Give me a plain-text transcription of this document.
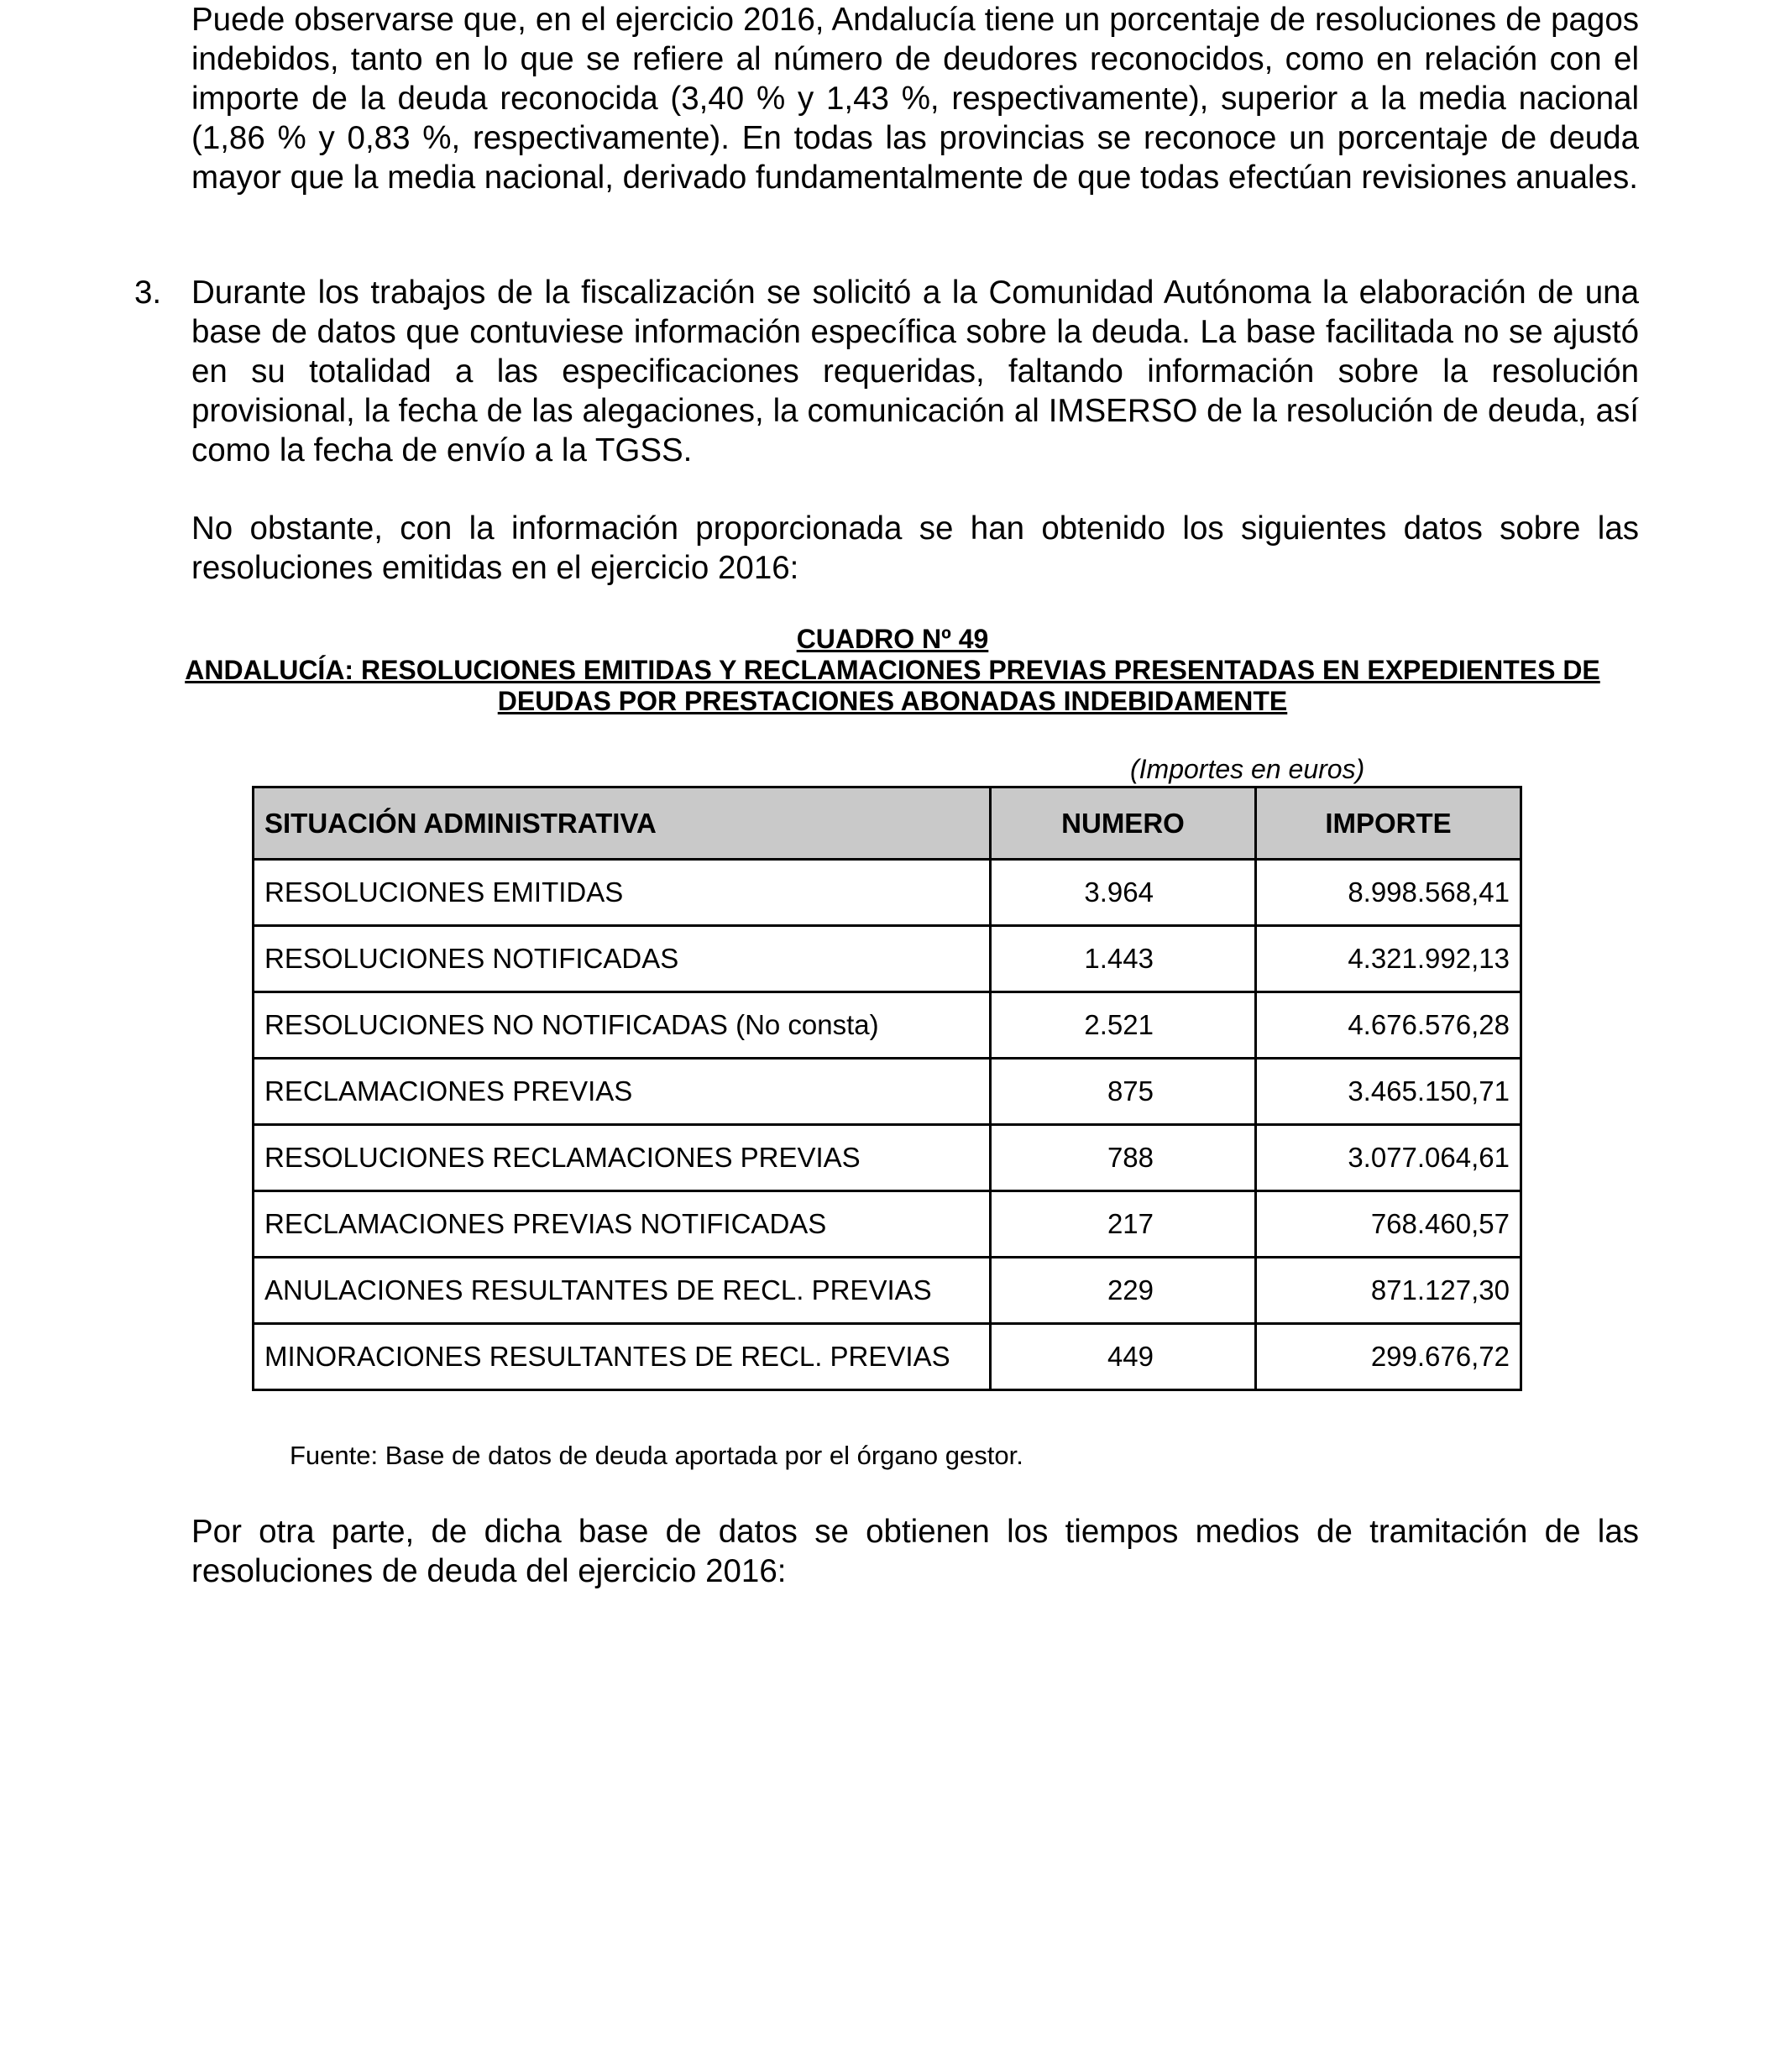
Puede observarse que, en el ejercicio 2016, Andalucía tiene un porcentaje de resoluciones de pagos indebidos, tanto en lo que se refiere al número de deudores reconocidos, como en relación con el importe de la deuda reconocida (3,40 % y 1,43 %, respectivamente), superior a la media nacional (1,86 % y 0,83 %, respectivamente). En todas las provincias se reconoce un porcentaje de deuda mayor que la media nacional, derivado fundamentalmente de que todas efectúan revisiones anuales.

3. Durante los trabajos de la fiscalización se solicitó a la Comunidad Autónoma la elaboración de una base de datos que contuviese información específica sobre la deuda. La base facilitada no se ajustó en su totalidad a las especificaciones requeridas, faltando información sobre la resolución provisional, la fecha de las alegaciones, la comunicación al IMSERSO de la resolución de deuda, así como la fecha de envío a la TGSS.

No obstante, con la información proporcionada se han obtenido los siguientes datos sobre las resoluciones emitidas en el ejercicio 2016:

CUADRO Nº 49
ANDALUCÍA: RESOLUCIONES EMITIDAS Y RECLAMACIONES PREVIAS PRESENTADAS EN EXPEDIENTES DE
DEUDAS POR PRESTACIONES ABONADAS INDEBIDAMENTE
(Importes en euros)
SITUACIÓN ADMINISTRATIVA	NUMERO	IMPORTE
RESOLUCIONES EMITIDAS	3.964	8.998.568,41
RESOLUCIONES NOTIFICADAS	1.443	4.321.992,13
RESOLUCIONES NO NOTIFICADAS (No consta)	2.521	4.676.576,28
RECLAMACIONES PREVIAS	875	3.465.150,71
RESOLUCIONES RECLAMACIONES PREVIAS	788	3.077.064,61
RECLAMACIONES PREVIAS NOTIFICADAS	217	768.460,57
ANULACIONES RESULTANTES DE RECL. PREVIAS	229	871.127,30
MINORACIONES RESULTANTES DE RECL. PREVIAS	449	299.676,72
Fuente: Base de datos de deuda aportada por el órgano gestor.

Por otra parte, de dicha base de datos se obtienen los tiempos medios de tramitación de las resoluciones de deuda del ejercicio 2016:
